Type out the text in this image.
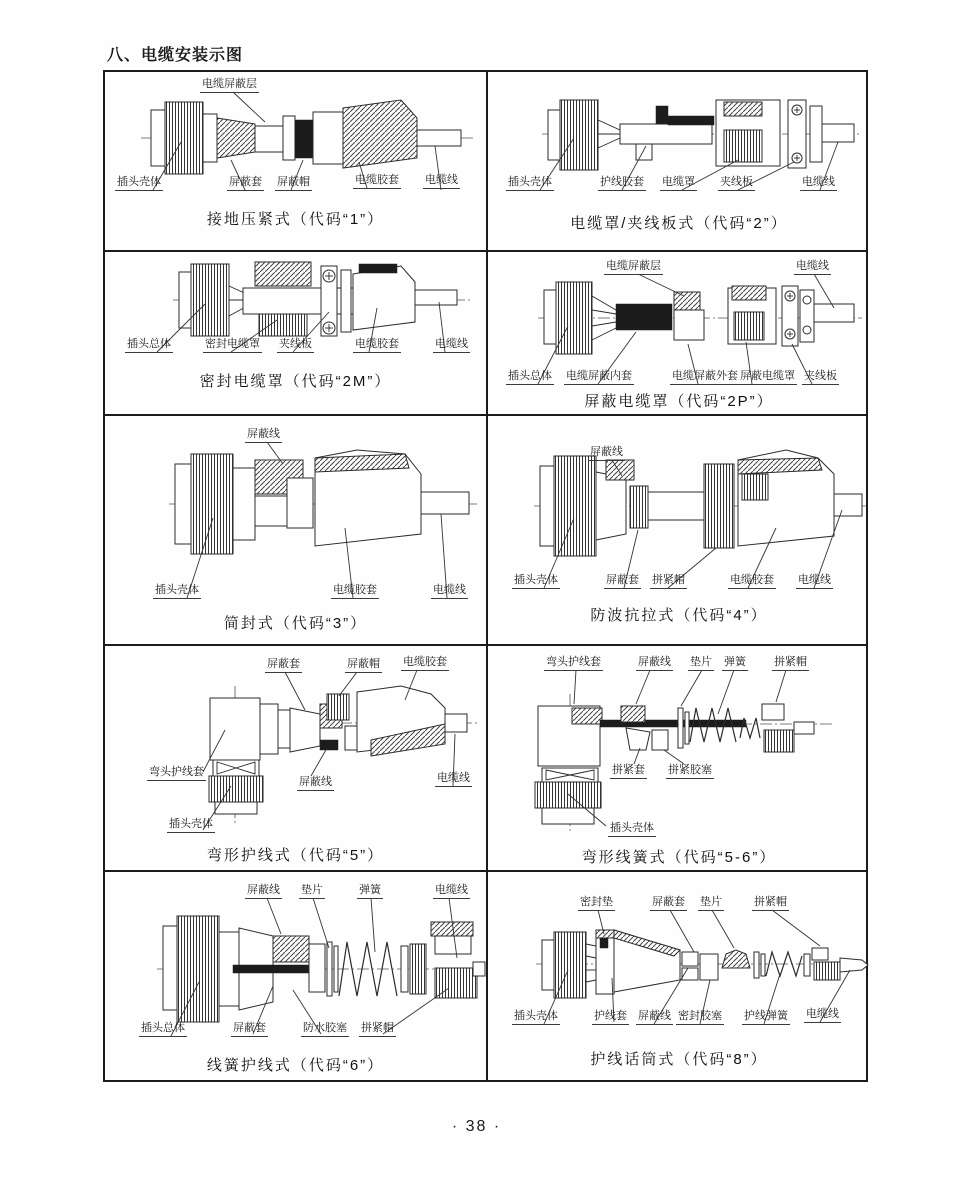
八、电缆安装示图
电缆屏蔽层
插头壳体	屏蔽套 屏蔽帽	电缆胶套 电缆线
接地压紧式（代码“1”）
插头壳体	护线胶套 电缆罩 夹线板	电缆线
电缆罩/夹线板式（代码“2”）
插头总体	密封电缆罩 夹线板	电缆胶套	电缆线
密封电缆罩（代码“2M”）
电缆屏蔽层	电缆线
插头总体 电缆屏蔽内套	电缆屏蔽外套 屏蔽电缆罩 夹线板
屏蔽电缆罩（代码“2P”）
屏蔽线
插头壳体	电缆胶套	电缆线
简封式（代码“3”）
屏蔽线
插头壳体	屏蔽套 拼紧帽	电缆胶套 电缆线
防波抗拉式（代码“4”）
屏蔽套	屏蔽帽 电缆胶套
弯头护线套
屏蔽线	电缆线
插头壳体
弯形护线式（代码“5”）
弯头护线套	屏蔽线 垫片 弹簧	拼紧帽
拼紧套 拼紧胶塞
插头壳体
弯形线簧式（代码“5-6”）
屏蔽线 垫片	弹簧	电缆线
插头总体	屏蔽套	防水胶塞 拼紧帽
线簧护线式（代码“6”）
密封垫	屏蔽套 垫片	拼紧帽
插头壳体	护线套 屏蔽线 密封胶塞 护线弹簧 电缆线
护线话筒式（代码“8”）
· 38 ·
